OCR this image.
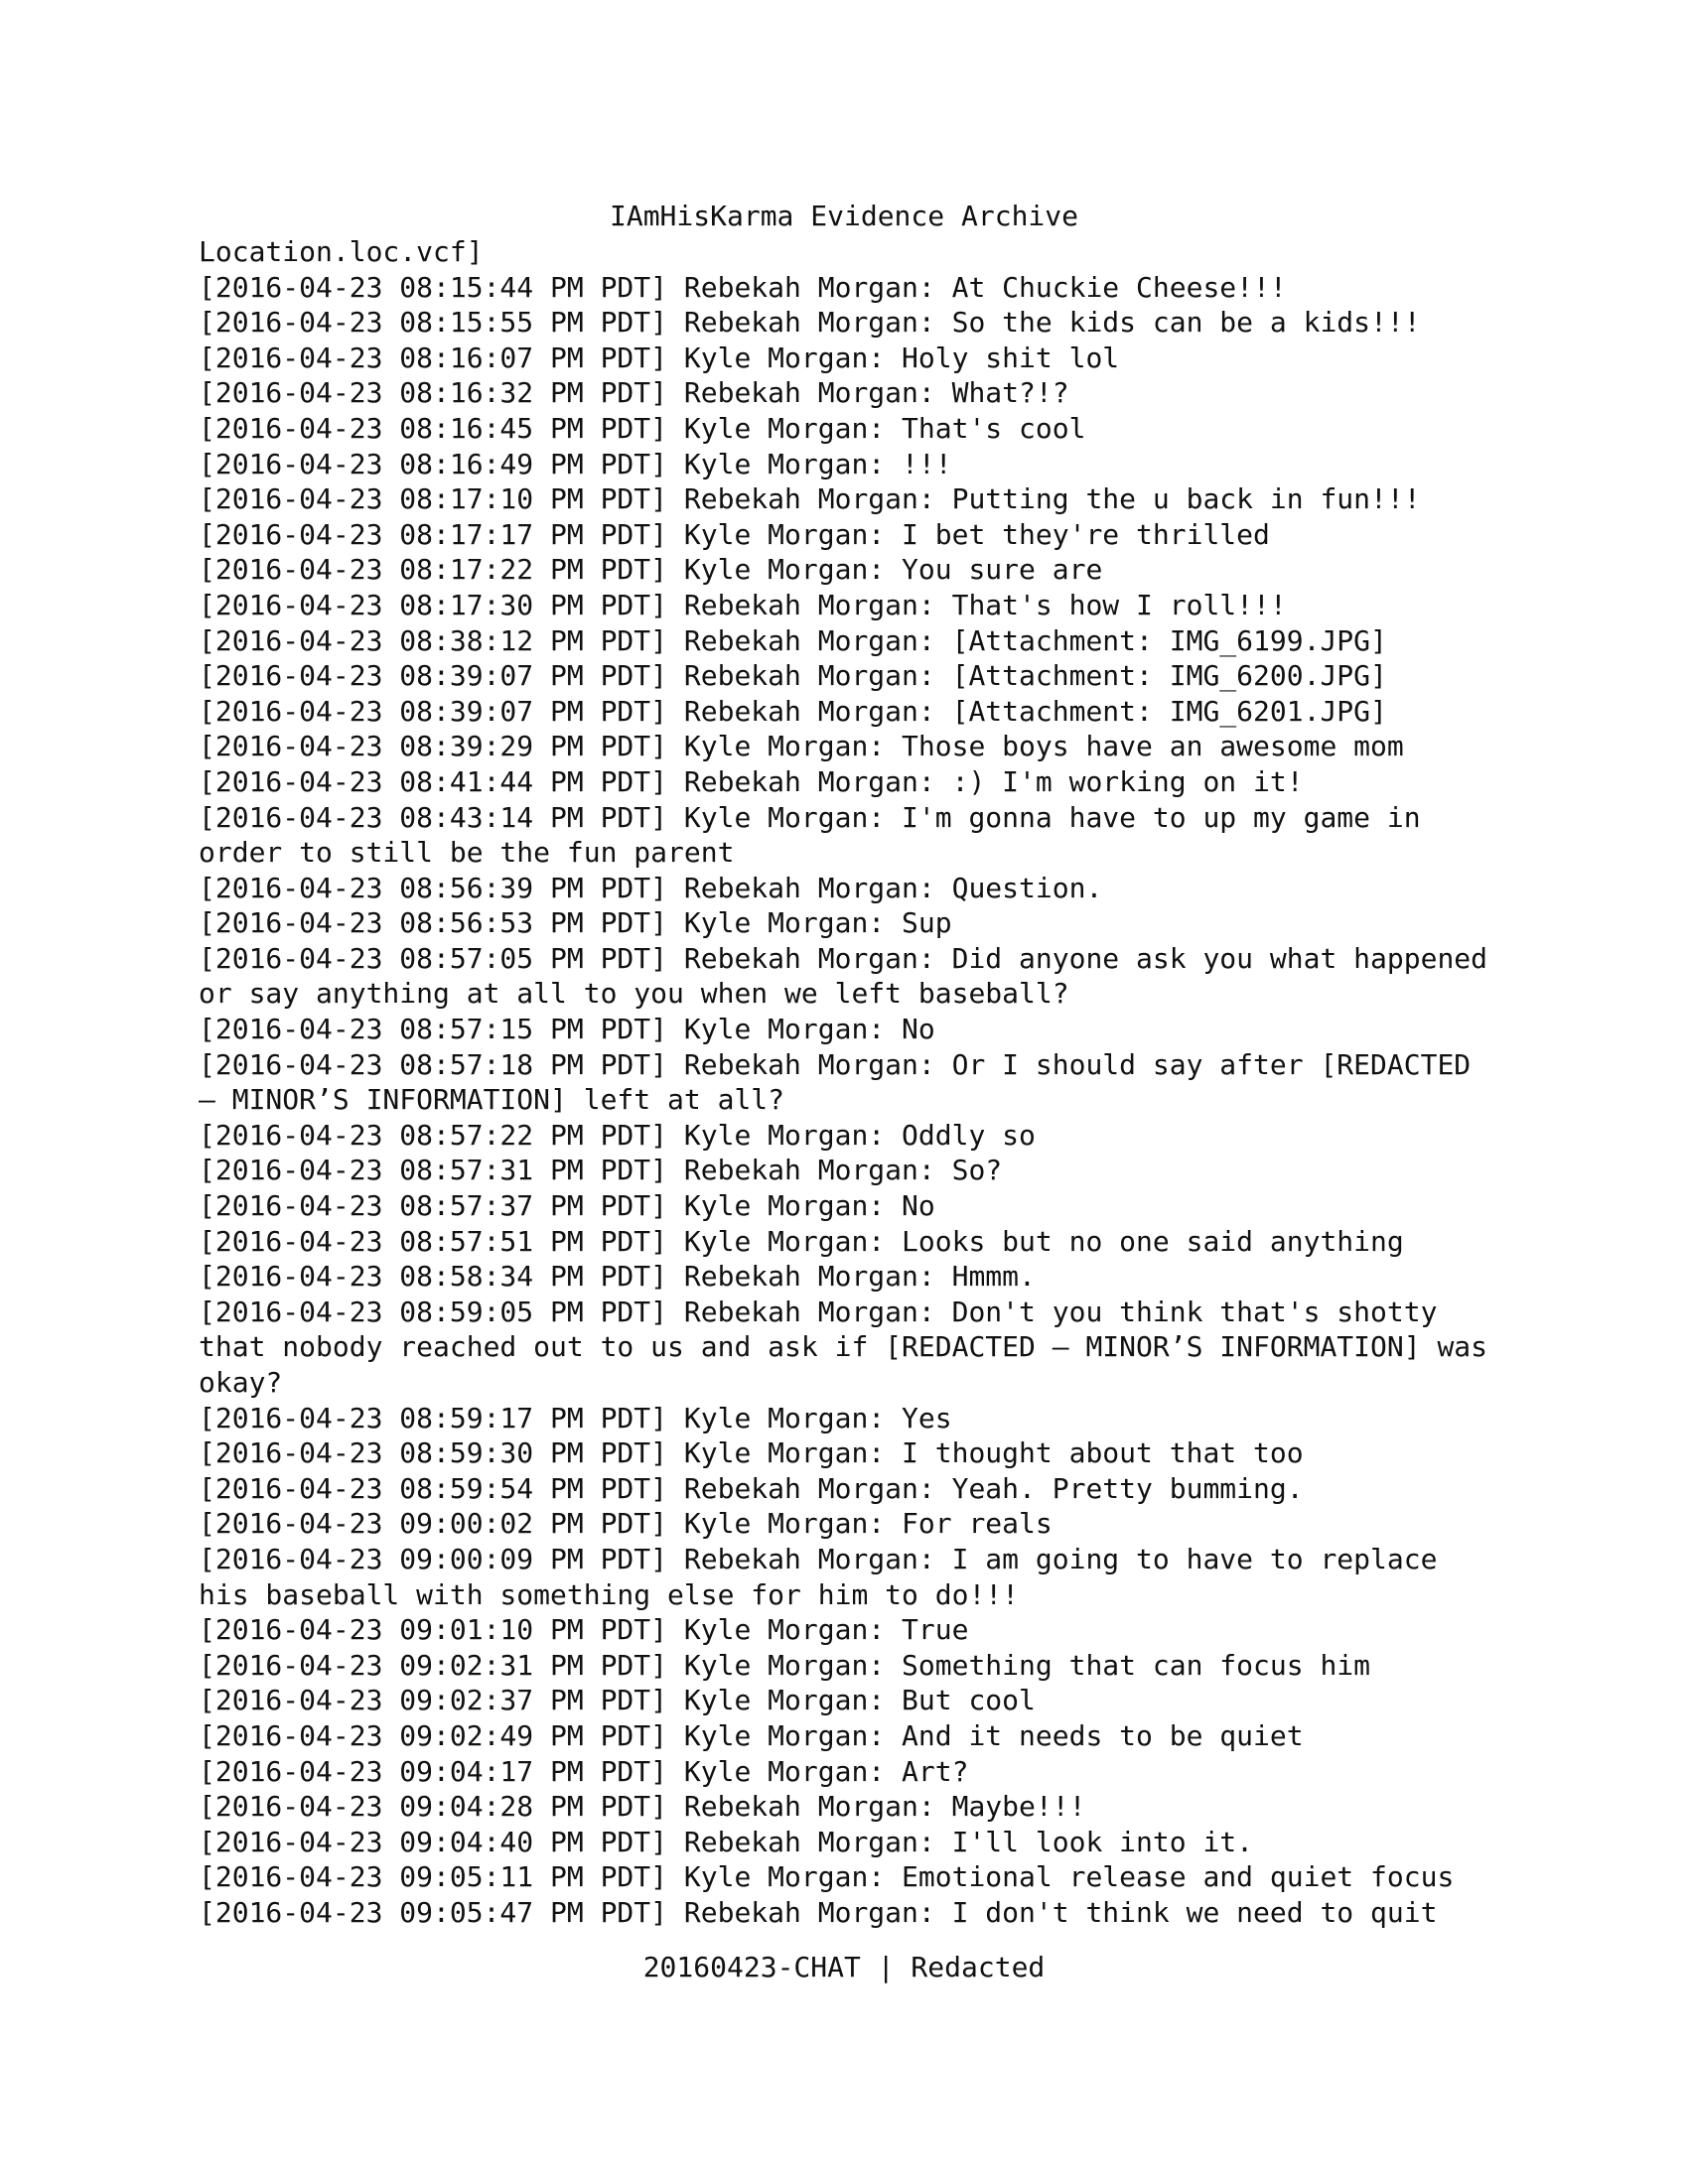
IAmHisKarma Evidence Archive
Location.loc.vcf]
[2016-04-23 08:15:44 PM PDT] Rebekah Morgan: At Chuckie Cheese!!!
[2016-04-23 08:15:55 PM PDT] Rebekah Morgan: So the kids can be a kids!!!
[2016-04-23 08:16:07 PM PDT] Kyle Morgan: Holy shit lol
[2016-04-23 08:16:32 PM PDT] Rebekah Morgan: What?!?
[2016-04-23 08:16:45 PM PDT] Kyle Morgan: That's cool
[2016-04-23 08:16:49 PM PDT] Kyle Morgan: !!!
[2016-04-23 08:17:10 PM PDT] Rebekah Morgan: Putting the u back in fun!!!
[2016-04-23 08:17:17 PM PDT] Kyle Morgan: I bet they're thrilled
[2016-04-23 08:17:22 PM PDT] Kyle Morgan: You sure are
[2016-04-23 08:17:30 PM PDT] Rebekah Morgan: That's how I roll!!!
[2016-04-23 08:38:12 PM PDT] Rebekah Morgan: [Attachment: IMG_6199.JPG]
[2016-04-23 08:39:07 PM PDT] Rebekah Morgan: [Attachment: IMG_6200.JPG]
[2016-04-23 08:39:07 PM PDT] Rebekah Morgan: [Attachment: IMG_6201.JPG]
[2016-04-23 08:39:29 PM PDT] Kyle Morgan: Those boys have an awesome mom
[2016-04-23 08:41:44 PM PDT] Rebekah Morgan: :) I'm working on it!
[2016-04-23 08:43:14 PM PDT] Kyle Morgan: I'm gonna have to up my game in
order to still be the fun parent
[2016-04-23 08:56:39 PM PDT] Rebekah Morgan: Question.
[2016-04-23 08:56:53 PM PDT] Kyle Morgan: Sup
[2016-04-23 08:57:05 PM PDT] Rebekah Morgan: Did anyone ask you what happened
or say anything at all to you when we left baseball?
[2016-04-23 08:57:15 PM PDT] Kyle Morgan: No
[2016-04-23 08:57:18 PM PDT] Rebekah Morgan: Or I should say after [REDACTED
– MINOR’S INFORMATION] left at all?
[2016-04-23 08:57:22 PM PDT] Kyle Morgan: Oddly so
[2016-04-23 08:57:31 PM PDT] Rebekah Morgan: So?
[2016-04-23 08:57:37 PM PDT] Kyle Morgan: No
[2016-04-23 08:57:51 PM PDT] Kyle Morgan: Looks but no one said anything
[2016-04-23 08:58:34 PM PDT] Rebekah Morgan: Hmmm.
[2016-04-23 08:59:05 PM PDT] Rebekah Morgan: Don't you think that's shotty
that nobody reached out to us and ask if [REDACTED – MINOR’S INFORMATION] was
okay?
[2016-04-23 08:59:17 PM PDT] Kyle Morgan: Yes
[2016-04-23 08:59:30 PM PDT] Kyle Morgan: I thought about that too
[2016-04-23 08:59:54 PM PDT] Rebekah Morgan: Yeah. Pretty bumming.
[2016-04-23 09:00:02 PM PDT] Kyle Morgan: For reals
[2016-04-23 09:00:09 PM PDT] Rebekah Morgan: I am going to have to replace
his baseball with something else for him to do!!!
[2016-04-23 09:01:10 PM PDT] Kyle Morgan: True
[2016-04-23 09:02:31 PM PDT] Kyle Morgan: Something that can focus him
[2016-04-23 09:02:37 PM PDT] Kyle Morgan: But cool
[2016-04-23 09:02:49 PM PDT] Kyle Morgan: And it needs to be quiet
[2016-04-23 09:04:17 PM PDT] Kyle Morgan: Art?
[2016-04-23 09:04:28 PM PDT] Rebekah Morgan: Maybe!!!
[2016-04-23 09:04:40 PM PDT] Rebekah Morgan: I'll look into it.
[2016-04-23 09:05:11 PM PDT] Kyle Morgan: Emotional release and quiet focus
[2016-04-23 09:05:47 PM PDT] Rebekah Morgan: I don't think we need to quit
20160423-CHAT | Redacted
